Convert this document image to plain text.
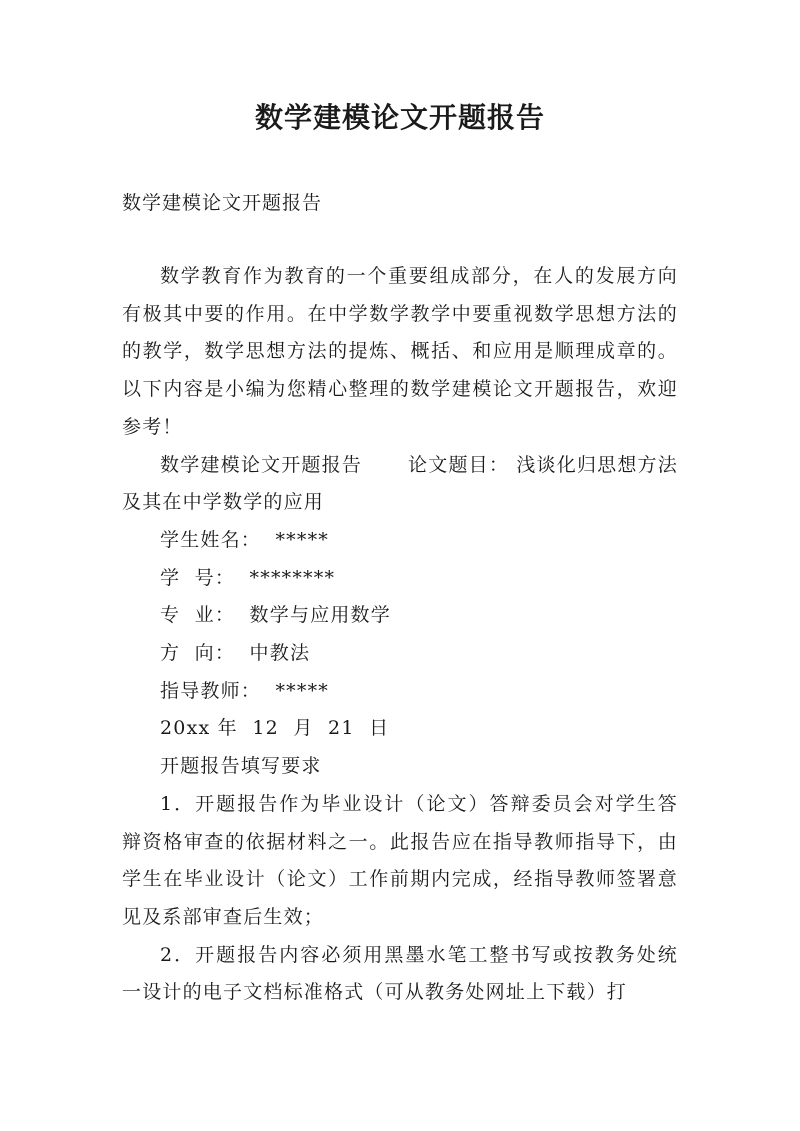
数学建模论文开题报告
数学建模论文开题报告

数学教育作为教育的一个重要组成部分，在人的发展方向有极其中要的作用。在中学数学教学中要重视数学思想方法的的教学，数学思想方法的提炼、概括、和应用是顺理成章的。以下内容是小编为您精心整理的数学建模论文开题报告，欢迎参考！

数学建模论文开题报告 论文题目： 浅谈化归思想方法及其在中学数学的应用

学生姓名：  *****

学  号：  ********

专  业：  数学与应用数学

方  向：  中教法

指导教师：  *****

20xx 年  12  月  21  日

开题报告填写要求

1．开题报告作为毕业设计（论文）答辩委员会对学生答辩资格审查的依据材料之一。此报告应在指导教师指导下，由学生在毕业设计（论文）工作前期内完成，经指导教师签署意见及系部审查后生效；

2．开题报告内容必须用黑墨水笔工整书写或按教务处统一设计的电子文档标准格式（可从教务处网址上下载）打
